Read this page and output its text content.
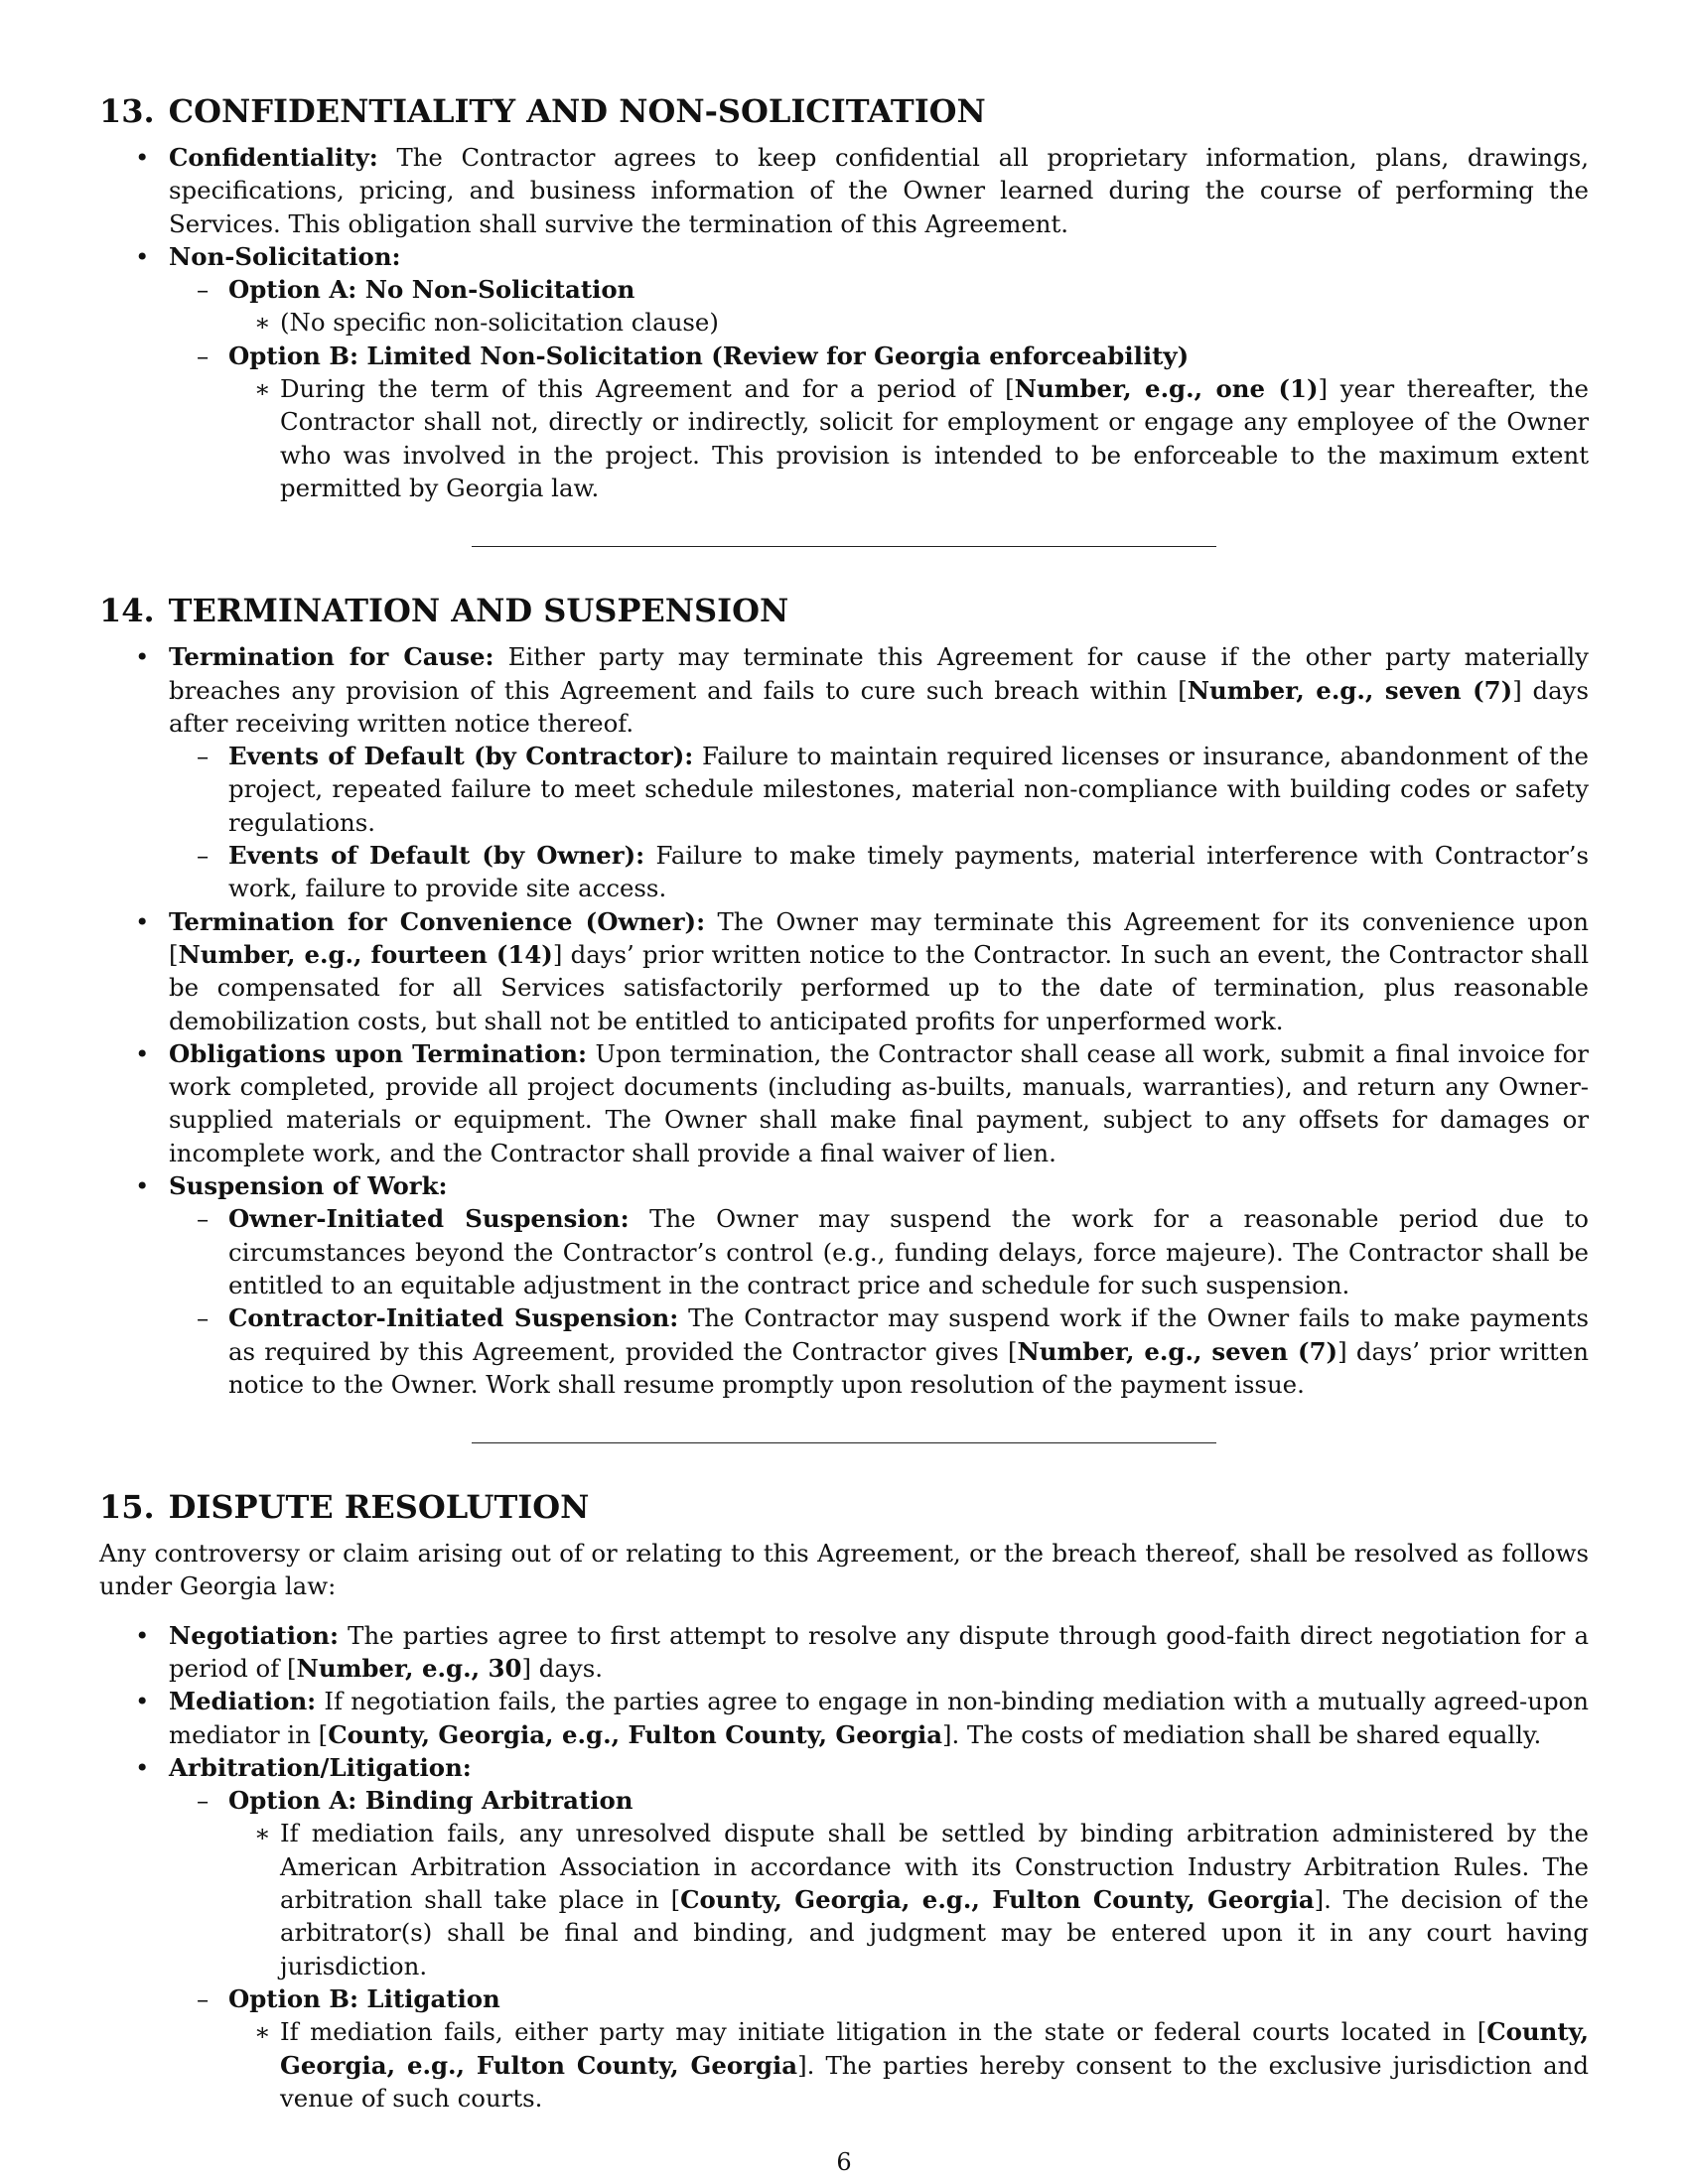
13. CONFIDENTIALITY AND NON-SOLICITATION
• Confidentiality: The Contractor agrees to keep confidential all proprietary information, plans, drawings, specifications, pricing, and business information of the Owner learned during the course of performing the Services. This obligation shall survive the termination of this Agreement.
• Non-Solicitation:
– Option A: No Non-Solicitation
∗ (No specific non-solicitation clause)
– Option B: Limited Non-Solicitation (Review for Georgia enforceability)
∗ During the term of this Agreement and for a period of [Number, e.g., one (1)] year thereafter, the Contractor shall not, directly or indirectly, solicit for employment or engage any employee of the Owner who was involved in the project. This provision is intended to be enforceable to the maximum extent permitted by Georgia law.
14. TERMINATION AND SUSPENSION
• Termination for Cause: Either party may terminate this Agreement for cause if the other party materially breaches any provision of this Agreement and fails to cure such breach within [Number, e.g., seven (7)] days after receiving written notice thereof.
– Events of Default (by Contractor): Failure to maintain required licenses or insurance, abandonment of the project, repeated failure to meet schedule milestones, material non-compliance with building codes or safety regulations.
– Events of Default (by Owner): Failure to make timely payments, material interference with Contractor’s work, failure to provide site access.
• Termination for Convenience (Owner): The Owner may terminate this Agreement for its convenience upon [Number, e.g., fourteen (14)] days’ prior written notice to the Contractor. In such an event, the Contractor shall be compensated for all Services satisfactorily performed up to the date of termination, plus reasonable demobilization costs, but shall not be entitled to anticipated profits for unperformed work.
• Obligations upon Termination: Upon termination, the Contractor shall cease all work, submit a final invoice for work completed, provide all project documents (including as-builts, manuals, warranties), and return any Owner-supplied materials or equipment. The Owner shall make final payment, subject to any offsets for damages or incomplete work, and the Contractor shall provide a final waiver of lien.
• Suspension of Work:
– Owner-Initiated Suspension: The Owner may suspend the work for a reasonable period due to circumstances beyond the Contractor’s control (e.g., funding delays, force majeure). The Contractor shall be entitled to an equitable adjustment in the contract price and schedule for such suspension.
– Contractor-Initiated Suspension: The Contractor may suspend work if the Owner fails to make payments as required by this Agreement, provided the Contractor gives [Number, e.g., seven (7)] days’ prior written notice to the Owner. Work shall resume promptly upon resolution of the payment issue.
15. DISPUTE RESOLUTION

Any controversy or claim arising out of or relating to this Agreement, or the breach thereof, shall be resolved as follows under Georgia law:

• Negotiation: The parties agree to first attempt to resolve any dispute through good-faith direct negotiation for a period of [Number, e.g., 30] days.
• Mediation: If negotiation fails, the parties agree to engage in non-binding mediation with a mutually agreed-upon mediator in [County, Georgia, e.g., Fulton County, Georgia]. The costs of mediation shall be shared equally.
• Arbitration/Litigation:
– Option A: Binding Arbitration
∗ If mediation fails, any unresolved dispute shall be settled by binding arbitration administered by the American Arbitration Association in accordance with its Construction Industry Arbitration Rules. The arbitration shall take place in [County, Georgia, e.g., Fulton County, Georgia]. The decision of the arbitrator(s) shall be final and binding, and judgment may be entered upon it in any court having jurisdiction.
– Option B: Litigation
∗ If mediation fails, either party may initiate litigation in the state or federal courts located in [County, Georgia, e.g., Fulton County, Georgia]. The parties hereby consent to the exclusive jurisdiction and venue of such courts.
6
